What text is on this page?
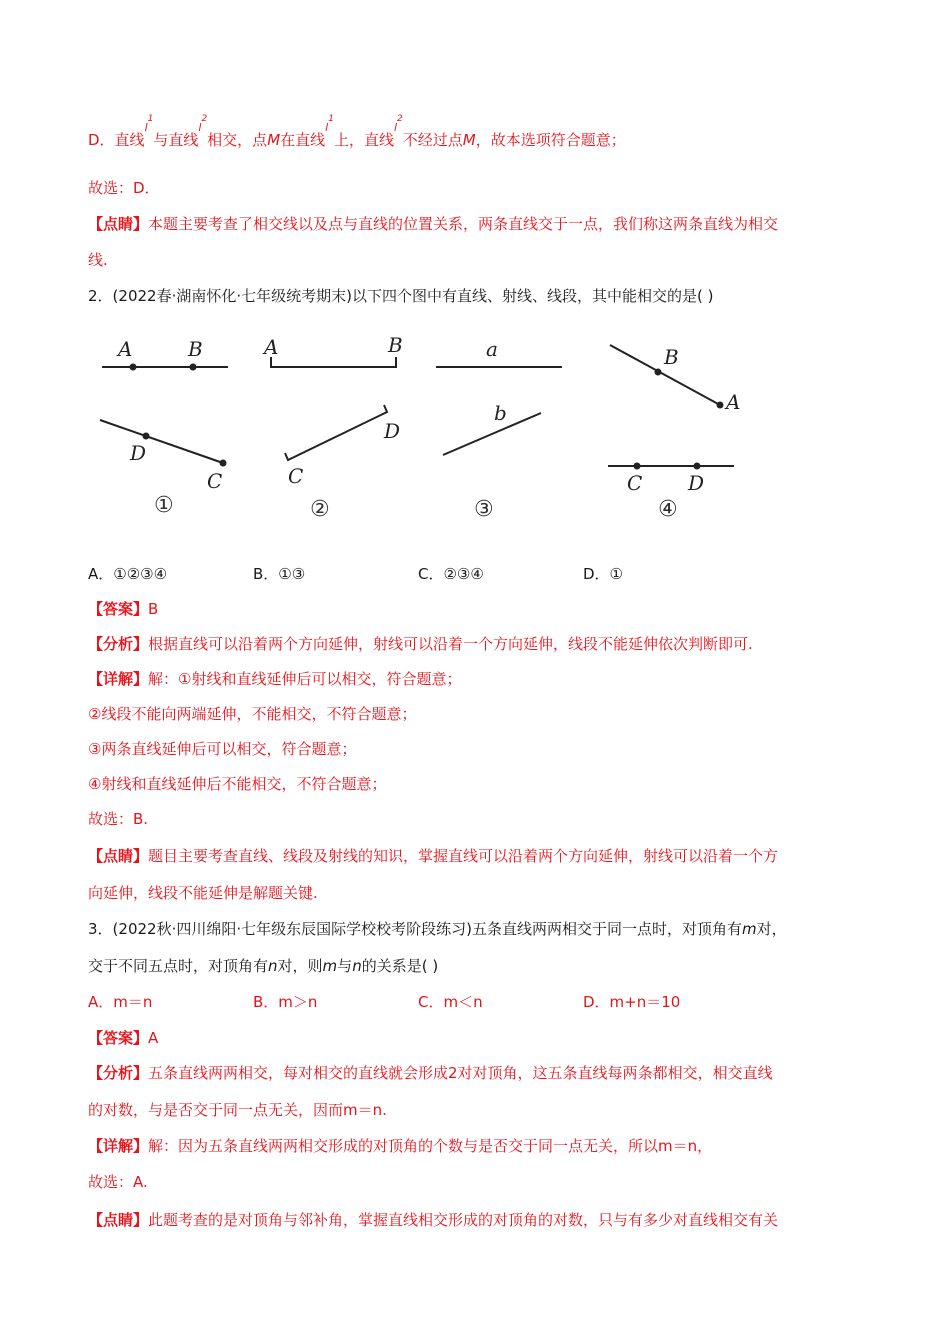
D．直线$^{l^1}$与直线$^{l^2}$相交，点M在直线$^{l^1}$上，直线$^{l^2}$不经过点M，故本选项符合题意；
故选：D．
【点睛】本题主要考查了相交线以及点与直线的位置关系，两条直线交于一点，我们称这两条直线为相交
线.
2．(2022春·湖南怀化·七年级统考期末)以下四个图中有直线、射线、线段，其中能相交的是( )
A	B
D
C
①
A	B
C
D
②
a
b
③
B
A
C D
④
A．①②③④	B．①③	C．②③④	D．①
【答案】B
【分析】根据直线可以沿着两个方向延伸，射线可以沿着一个方向延伸，线段不能延伸依次判断即可.
【详解】解：①射线和直线延伸后可以相交，符合题意；
②线段不能向两端延伸，不能相交，不符合题意；
③两条直线延伸后可以相交，符合题意；
④射线和直线延伸后不能相交，不符合题意；
故选：B.
【点睛】题目主要考查直线、线段及射线的知识，掌握直线可以沿着两个方向延伸，射线可以沿着一个方
向延伸，线段不能延伸是解题关键.
3．(2022秋·四川绵阳·七年级东辰国际学校校考阶段练习)五条直线两两相交于同一点时，对顶角有m对，
交于不同五点时，对顶角有n对，则m与n的关系是( )
A．m＝n	B．m＞n	C．m＜n	D．m+n＝10
【答案】A
【分析】五条直线两两相交，每对相交的直线就会形成2对对顶角，这五条直线每两条都相交，相交直线
的对数，与是否交于同一点无关，因而m＝n.
【详解】解：因为五条直线两两相交形成的对顶角的个数与是否交于同一点无关，所以m＝n，
故选：A.
【点睛】此题考查的是对顶角与邻补角，掌握直线相交形成的对顶角的对数，只与有多少对直线相交有关
